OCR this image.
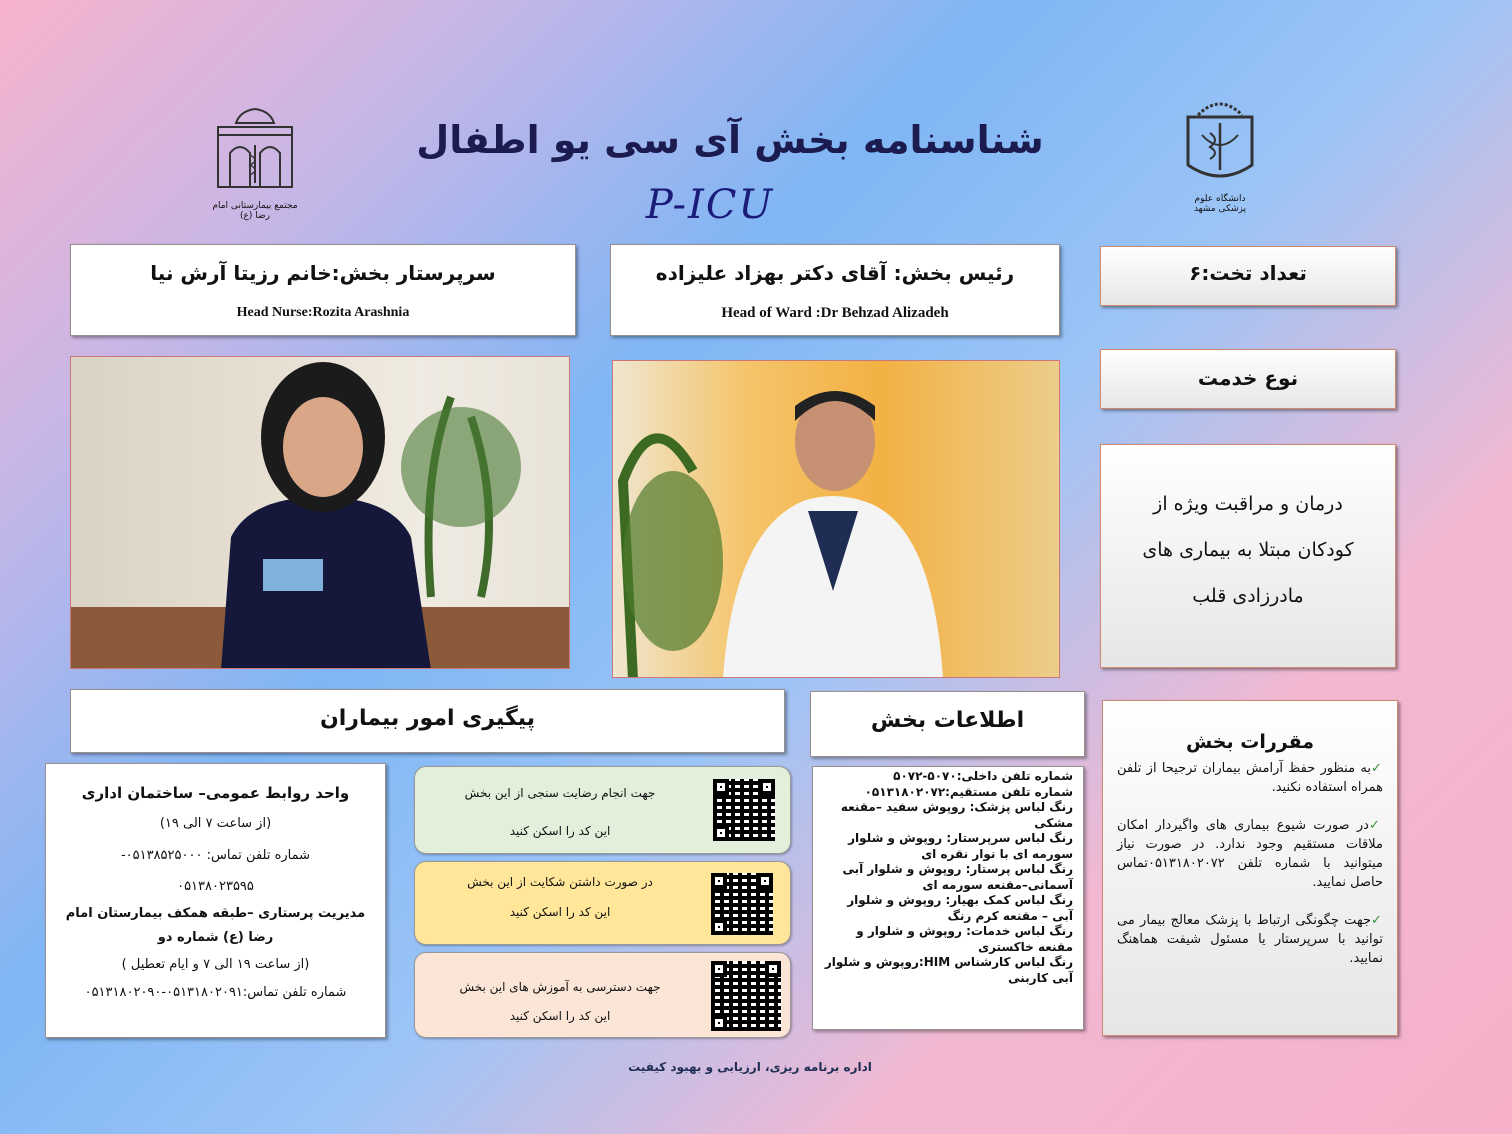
مجتمع بیمارستانی امام رضا (ع)
دانشگاه علوم پزشکی مشهد
شناسنامه بخش آی سی یو اطفال
P-ICU
سرپرستار بخش:خانم رزیتا آرش نیا
Head Nurse:Rozita Arashnia
رئیس بخش: آقای دکتر بهزاد علیزاده
Head of Ward :Dr Behzad Alizadeh
تعداد تخت:۶
نوع خدمت
درمان و مراقبت ویژه از کودکان مبتلا به بیماری های مادرزادی قلب
پیگیری امور بیماران	اطلاعات بخش
واحد روابط عمومی– ساختمان اداری
(از ساعت ۷ الی ۱۹)
شماره تلفن تماس: ۰۵۱۳۸۵۲۵۰۰۰-
۰۵۱۳۸۰۲۳۵۹۵
مدیریت پرستاری –طبقه همکف بیمارستان امام رضا (ع) شماره دو
(از ساعت ۱۹ الی ۷ و ایام تعطیل )
شماره تلفن تماس:۰۵۱۳۱۸۰۲۰۹۱-۰۵۱۳۱۸۰۲۰۹۰
جهت انجام رضایت سنجی از این بخش
این کد را اسکن کنید
در صورت داشتن شکایت از این بخش
این کد را اسکن کنید
جهت دسترسی به آموزش های این بخش
این کد را اسکن کنید
شماره تلفن داخلی:۵۰۷۰-۵۰۷۲
شماره تلفن مستقیم:۰۵۱۳۱۸۰۲۰۷۲
رنگ لباس پزشک: روپوش سفید –مقنعه مشکی
رنگ لباس سرپرستار: روپوش و شلوار سورمه ای با نوار نقره ای
رنگ لباس پرستار: روپوش و شلوار آبی آسمانی–مقنعه سورمه ای
رنگ لباس کمک بهیار: روپوش و شلوار آبی – مقنعه کرم رنگ
رنگ لباس خدمات: روپوش و شلوار و مقنعه خاکستری
رنگ لباس کارشناس HIM:روپوش و شلوار آبی کاربنی
مقررات بخش

✓به منظور حفظ آرامش بیماران ترجیحا از تلفن همراه استفاده نکنید.

✓در صورت شیوع بیماری های واگیردار امکان ملاقات مستقیم وجود ندارد. در صورت نیاز میتوانید با شماره تلفن ۰۵۱۳۱۸۰۲۰۷۲تماس حاصل نمایید.

✓جهت چگونگی ارتباط با پزشک معالج بیمار می توانید با سرپرستار یا مسئول شیفت هماهنگ نمایید.

اداره برنامه ریزی، ارزیابی و بهبود کیفیت
